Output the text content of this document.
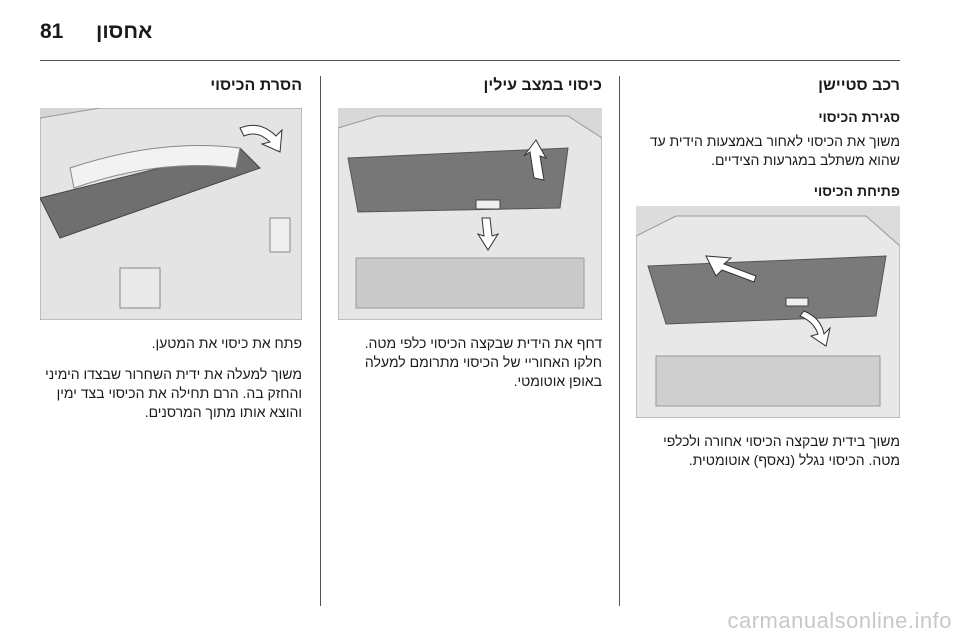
81 אחסון
רכב סטיישן
סגירת הכיסוי
משוך את הכיסוי לאחור באמצעות הידית עד שהוא משתלב במגרעות הצידיים.
פתיחת הכיסוי
משוך בידית שבקצה הכיסוי אחורה ולכלפי מטה. הכיסוי נגלל (נאסף) אוטומטית.
כיסוי במצב עילין
דחף את הידית שבקצה הכיסוי כלפי מטה. חלקו האחוריי של הכיסוי מתרומם למעלה באופן אוטומטי.
הסרת הכיסוי
פתח את כיסוי את המטען.
משוך למעלה את ידית השחרור שבצדו הימיני והחזק בה. הרם תחילה את הכיסוי בצד ימין והוצא אותו מתוך המרסנים.
carmanualsonline.info
